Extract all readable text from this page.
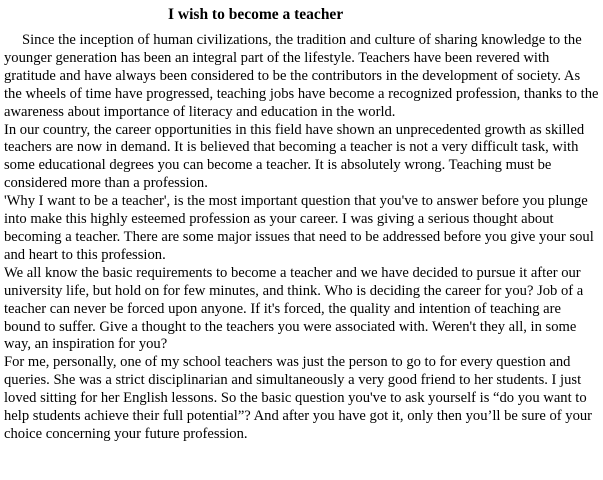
I wish to become a teacher

Since the inception of human civilizations, the tradition and culture of sharing knowledge to the younger generation has been an integral part of the lifestyle. Teachers have been revered with gratitude and have always been considered to be the contributors in the development of society. As the wheels of time have progressed, teaching jobs have become a recognized profession, thanks to the awareness about importance of literacy and education in the world.

In our country, the career opportunities in this field have shown an unprecedented growth as skilled teachers are now in demand. It is believed that becoming a teacher is not a very difficult task, with some educational degrees you can become a teacher. It is absolutely wrong. Teaching must be considered more than a profession.

'Why I want to be a teacher', is the most important question that you've to answer before you plunge into make this highly esteemed profession as your career. I was giving a serious thought about becoming a teacher. There are some major issues that need to be addressed before you give your soul and heart to this profession.

We all know the basic requirements to become a teacher and we have decided to pursue it after our university life, but hold on for few minutes, and think. Who is deciding the career for you? Job of a teacher can never be forced upon anyone. If it's forced, the quality and intention of teaching are bound to suffer. Give a thought to the teachers you were associated with. Weren't they all, in some way, an inspiration for you?

For me, personally, one of my school teachers was just the person to go to for every question and queries. She was a strict disciplinarian and simultaneously a very good friend to her students. I just loved sitting for her English lessons. So the basic question you've to ask yourself is “do you want to help students achieve their full potential”? And after you have got it, only then you’ll be sure of your choice concerning your future profession.
